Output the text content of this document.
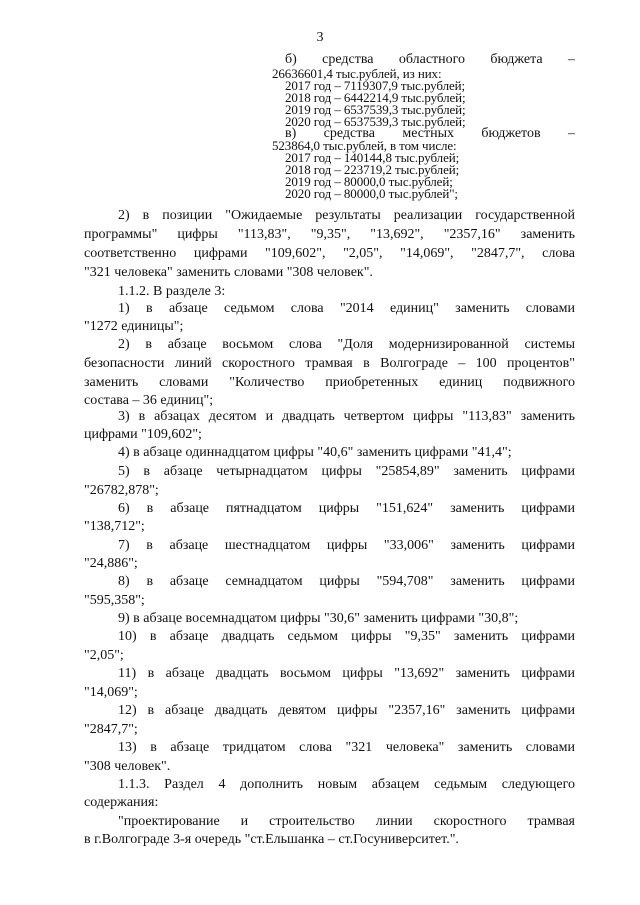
3
б) средства областного бюджета –
26636601,4 тыс.рублей, из них:
2017 год – 7119307,9 тыс.рублей;
2018 год – 6442214,9 тыс.рублей;
2019 год – 6537539,3 тыс.рублей;
2020 год – 6537539,3 тыс.рублей;
в) средства местных бюджетов –
523864,0 тыс.рублей, в том числе:
2017 год – 140144,8 тыс.рублей;
2018 год – 223719,2 тыс.рублей;
2019 год – 80000,0 тыс.рублей;
2020 год – 80000,0 тыс.рублей";
2) в позиции "Ожидаемые результаты реализации государственной
программы" цифры "113,83", "9,35", "13,692", "2357,16" заменить
соответственно цифрами "109,602", "2,05", "14,069", "2847,7", слова
"321 человека" заменить словами "308 человек".
1.1.2. В разделе 3:
1) в абзаце седьмом слова "2014 единиц" заменить словами
"1272 единицы";
2) в абзаце восьмом слова "Доля модернизированной системы
безопасности линий скоростного трамвая в Волгограде – 100 процентов"
заменить словами "Количество приобретенных единиц подвижного
состава – 36 единиц";
3) в абзацах десятом и двадцать четвертом цифры "113,83" заменить
цифрами "109,602";
4) в абзаце одиннадцатом цифры "40,6" заменить цифрами "41,4";
5) в абзаце четырнадцатом цифры "25854,89" заменить цифрами
"26782,878";
6) в абзаце пятнадцатом цифры "151,624" заменить цифрами
"138,712";
7) в абзаце шестнадцатом цифры "33,006" заменить цифрами
"24,886";
8) в абзаце семнадцатом цифры "594,708" заменить цифрами
"595,358";
9) в абзаце восемнадцатом цифры "30,6" заменить цифрами "30,8";
10) в абзаце двадцать седьмом цифры "9,35" заменить цифрами
"2,05";
11) в абзаце двадцать восьмом цифры "13,692" заменить цифрами
"14,069";
12) в абзаце двадцать девятом цифры "2357,16" заменить цифрами
"2847,7";
13) в абзаце тридцатом слова "321 человека" заменить словами
"308 человек".
1.1.3. Раздел 4 дополнить новым абзацем седьмым следующего
содержания:
"проектирование и строительство линии скоростного трамвая
в г.Волгограде 3-я очередь "ст.Ельшанка – ст.Госуниверситет.".
